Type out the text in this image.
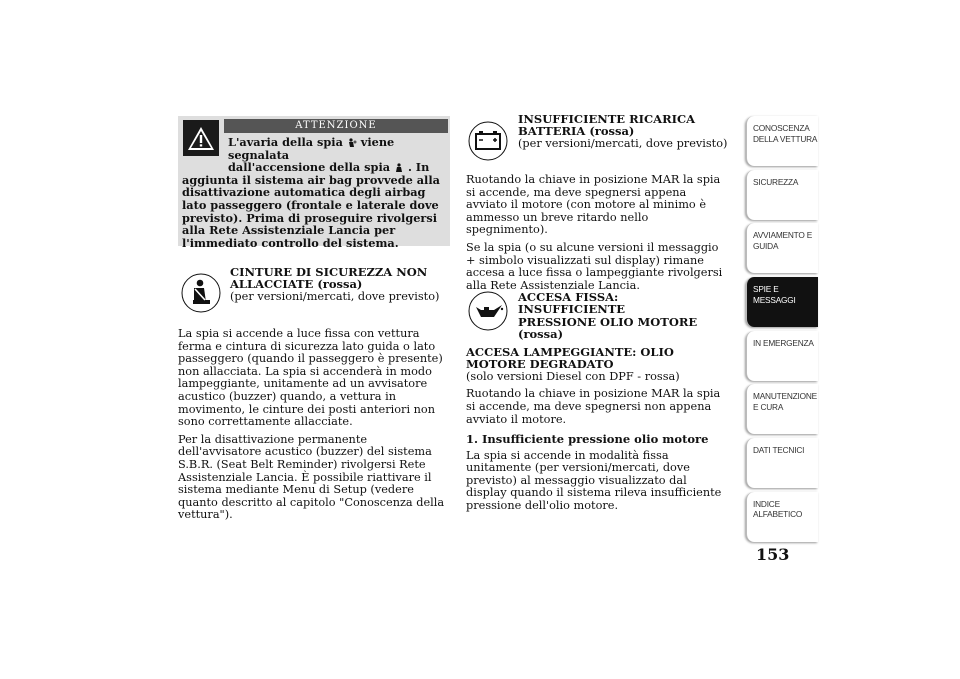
ATTENZIONE
L'avaria della spia viene segnalata
dall'accensione della spia . In
aggiunta il sistema air bag provvede alla disattivazione automatica degli airbag lato passeggero (frontale e laterale dove previsto). Prima di proseguire rivolgersi alla Rete Assistenziale Lancia per l'immediato controllo del sistema.
CINTURE DI SICUREZZA NON
ALLACCIATE (rossa)
(per versioni/mercati, dove previsto)

La spia si accende a luce fissa con vettura ferma e cintura di sicurezza lato guida o lato passeggero (quando il passeggero è presente) non allacciata. La spia si accenderà in modo lampeggiante, unitamente ad un avvisatore acustico (buzzer) quando, a vettura in movimento, le cinture dei posti anteriori non sono correttamente allacciate.

Per la disattivazione permanente dell'avvisatore acustico (buzzer) del sistema S.B.R. (Seat Belt Reminder) rivolgersi Rete Assistenziale Lancia. È possibile riattivare il sistema mediante Menu di Setup (vedere quanto descritto al capitolo "Conoscenza della vettura").

INSUFFICIENTE RICARICA
BATTERIA (rossa)
(per versioni/mercati, dove previsto)

Ruotando la chiave in posizione MAR la spia si accende, ma deve spegnersi appena avviato il motore (con motore al minimo è ammesso un breve ritardo nello spegnimento).

Se la spia (o su alcune versioni il messaggio + simbolo visualizzati sul display) rimane accesa a luce fissa o lampeggiante rivolgersi alla Rete Assistenziale Lancia.

ACCESA FISSA: INSUFFICIENTE
PRESSIONE OLIO MOTORE (rossa)
ACCESA LAMPEGGIANTE: OLIO MOTORE DEGRADATO
(solo versioni Diesel con DPF - rossa)

Ruotando la chiave in posizione MAR la spia si accende, ma deve spegnersi non appena avviato il motore.

1. Insufficiente pressione olio motore

La spia si accende in modalità fissa unitamente (per versioni/mercati, dove previsto) al messaggio visualizzato dal display quando il sistema rileva insufficiente pressione dell'olio motore.

CONOSCENZA DELLA VETTURA
SICUREZZA
AVVIAMENTO E GUIDA
SPIE E MESSAGGI
IN EMERGENZA
MANUTENZIONE E CURA
DATI TECNICI
INDICE ALFABETICO
153
